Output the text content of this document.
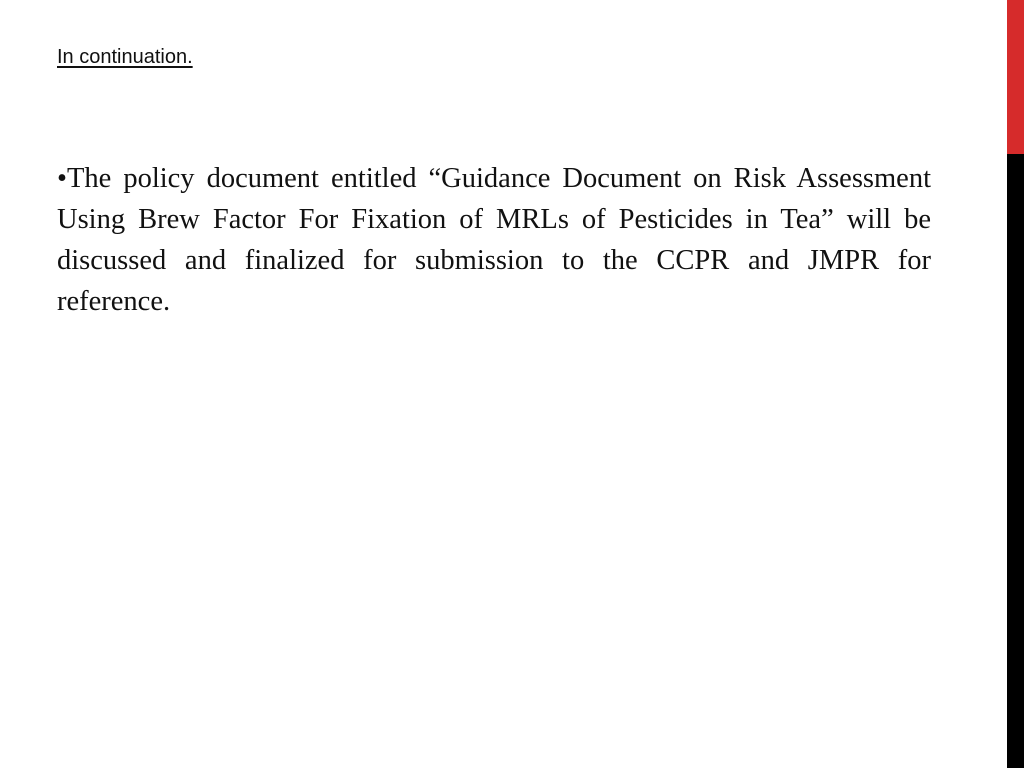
In continuation.

•The policy document entitled “Guidance Document on Risk Assessment Using Brew Factor For Fixation of MRLs of Pesticides in Tea” will be discussed and finalized for submission to the CCPR and JMPR for reference.
